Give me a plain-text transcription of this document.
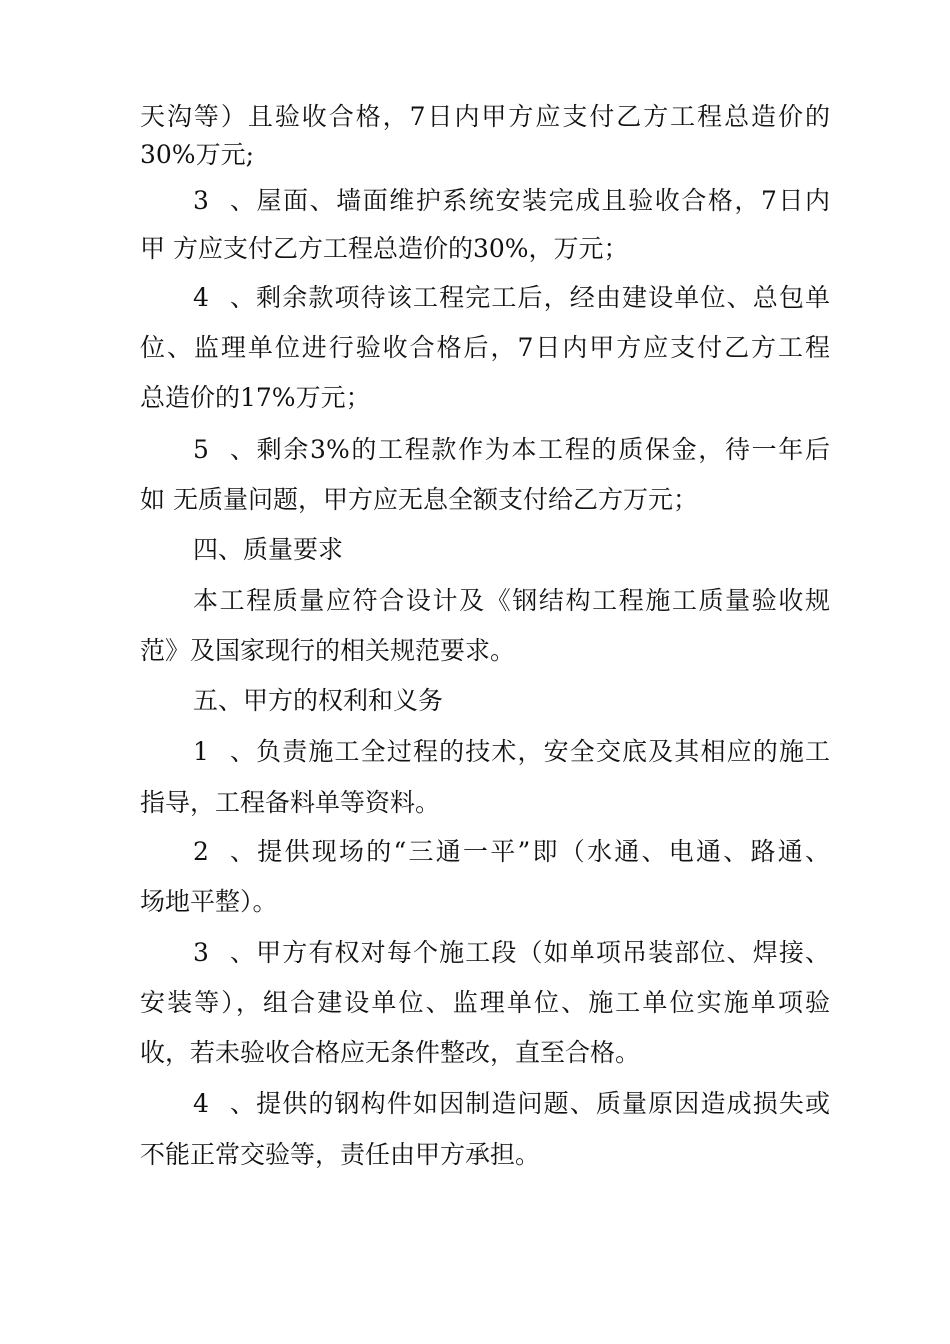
天沟等）且验收合格，7日内甲方应支付乙方工程总造价的
30%万元;
3、屋面、墙面维护系统安装完成且验收合格，7日内
甲 方应支付乙方工程总造价的30%，万元；
4、剩余款项待该工程完工后，经由建设单位、总包单
位、监理单位进行验收合格后，7日内甲方应支付乙方工程
总造价的17%万元；
5、剩余3%的工程款作为本工程的质保金，待一年后
如 无质量问题，甲方应无息全额支付给乙方万元；
四、质量要求
本工程质量应符合设计及《钢结构工程施工质量验收规
范》及国家现行的相关规范要求。
五、甲方的权利和义务
1、负责施工全过程的技术，安全交底及其相应的施工
指导，工程备料单等资料。
2、提供现场的“三通一平”即（水通、电通、路通、
场地平整）。
3、甲方有权对每个施工段（如单项吊装部位、焊接、
安装等），组合建设单位、监理单位、施工单位实施单项验
收，若未验收合格应无条件整改，直至合格。
4、提供的钢构件如因制造问题、质量原因造成损失或
不能正常交验等，责任由甲方承担。
